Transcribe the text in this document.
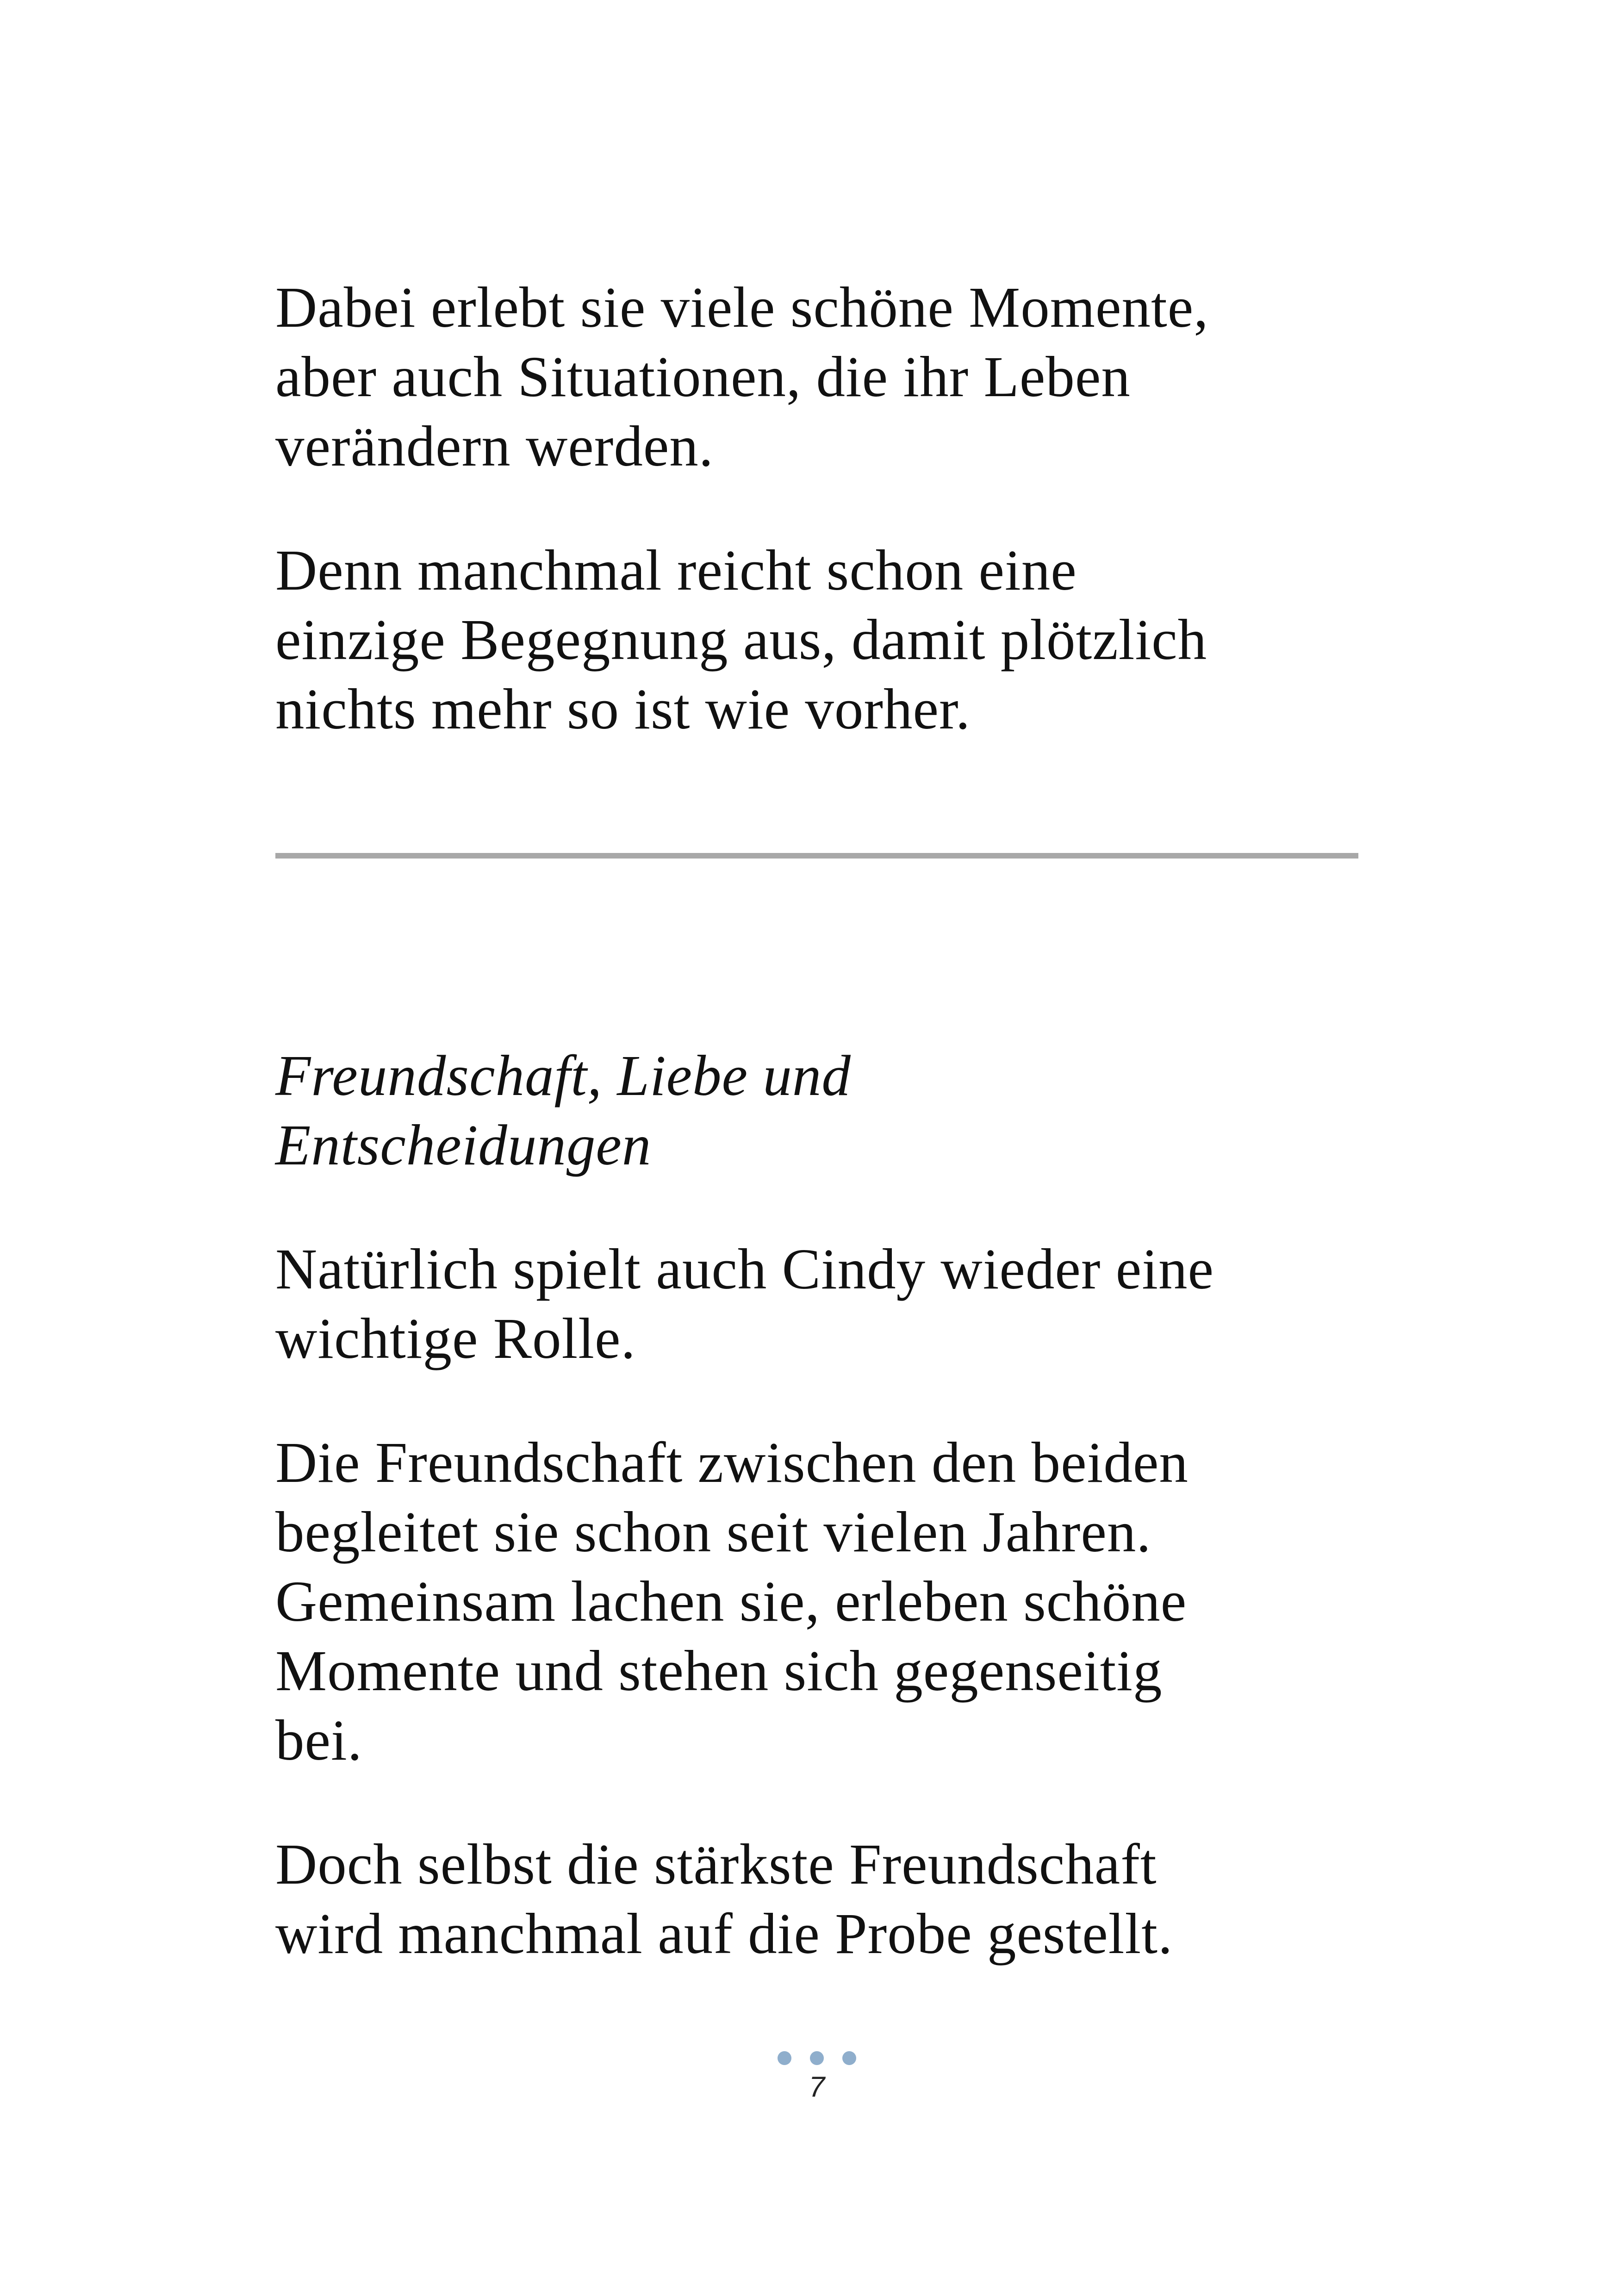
Dabei erlebt sie viele schöne Momente,
aber auch Situationen, die ihr Leben
verändern werden.

Denn manchmal reicht schon eine
einzige Begegnung aus, damit plötzlich
nichts mehr so ist wie vorher.

Freundschaft, Liebe und
Entscheidungen

Natürlich spielt auch Cindy wieder eine
wichtige Rolle.

Die Freundschaft zwischen den beiden
begleitet sie schon seit vielen Jahren.
Gemeinsam lachen sie, erleben schöne
Momente und stehen sich gegenseitig
bei.

Doch selbst die stärkste Freundschaft
wird manchmal auf die Probe gestellt.

7
